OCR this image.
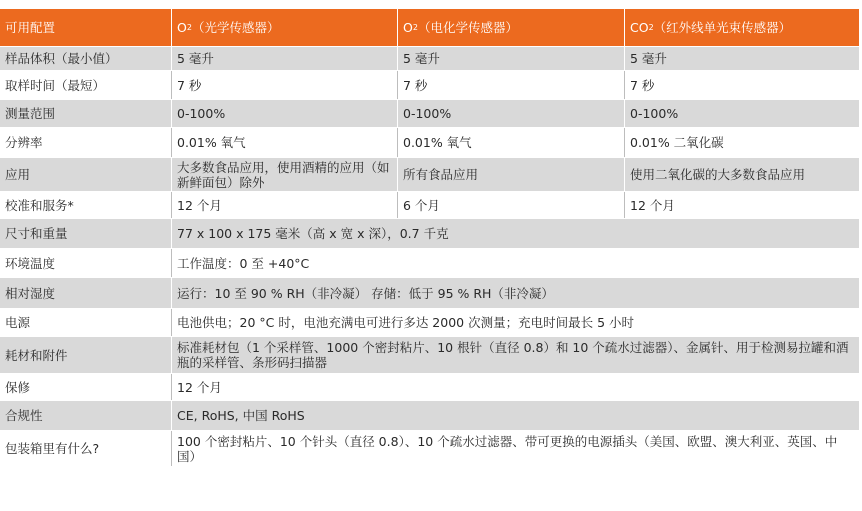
可用配置	O 2 （光学传感器）	O 2 （电化学传感器）	CO 2 （红外线单光束传感器）
样品体积（最小值）	5 毫升	5 毫升	5 毫升
取样时间（最短）	7 秒	7 秒	7 秒
测量范围	0-100%	0-100%	0-100%
分辨率	0.01% 氧气	0.01% 氧气	0.01% 二氧化碳
应用	大多数食品应用，使用酒精的应用（如新鲜面包）除外	所有食品应用	使用二氧化碳的大多数食品应用
校准和服务*	12 个月	6 个月	12 个月
尺寸和重量	77 x 100 x 175 毫米（高 x 宽 x 深），0.7 千克
环境温度	工作温度：0 至 +40°C
相对湿度	运行：10 至 90 % RH（非冷凝） 存储：低于 95 % RH（非冷凝）
电源	电池供电；20 °C 时，电池充满电可进行多达 2000 次测量；充电时间最长 5 小时
耗材和附件	标准耗材包（1 个采样管、1000 个密封粘片、10 根针（直径 0.8）和 10 个疏水过滤器）、金属针、用于检测易拉罐和酒瓶的采样管、条形码扫描器
保修	12 个月
合规性	CE, RoHS, 中国 RoHS
包装箱里有什么?	100 个密封粘片、10 个针头（直径 0.8）、10 个疏水过滤器、带可更换的电源插头（美国、欧盟、澳大利亚、英国、中国）
